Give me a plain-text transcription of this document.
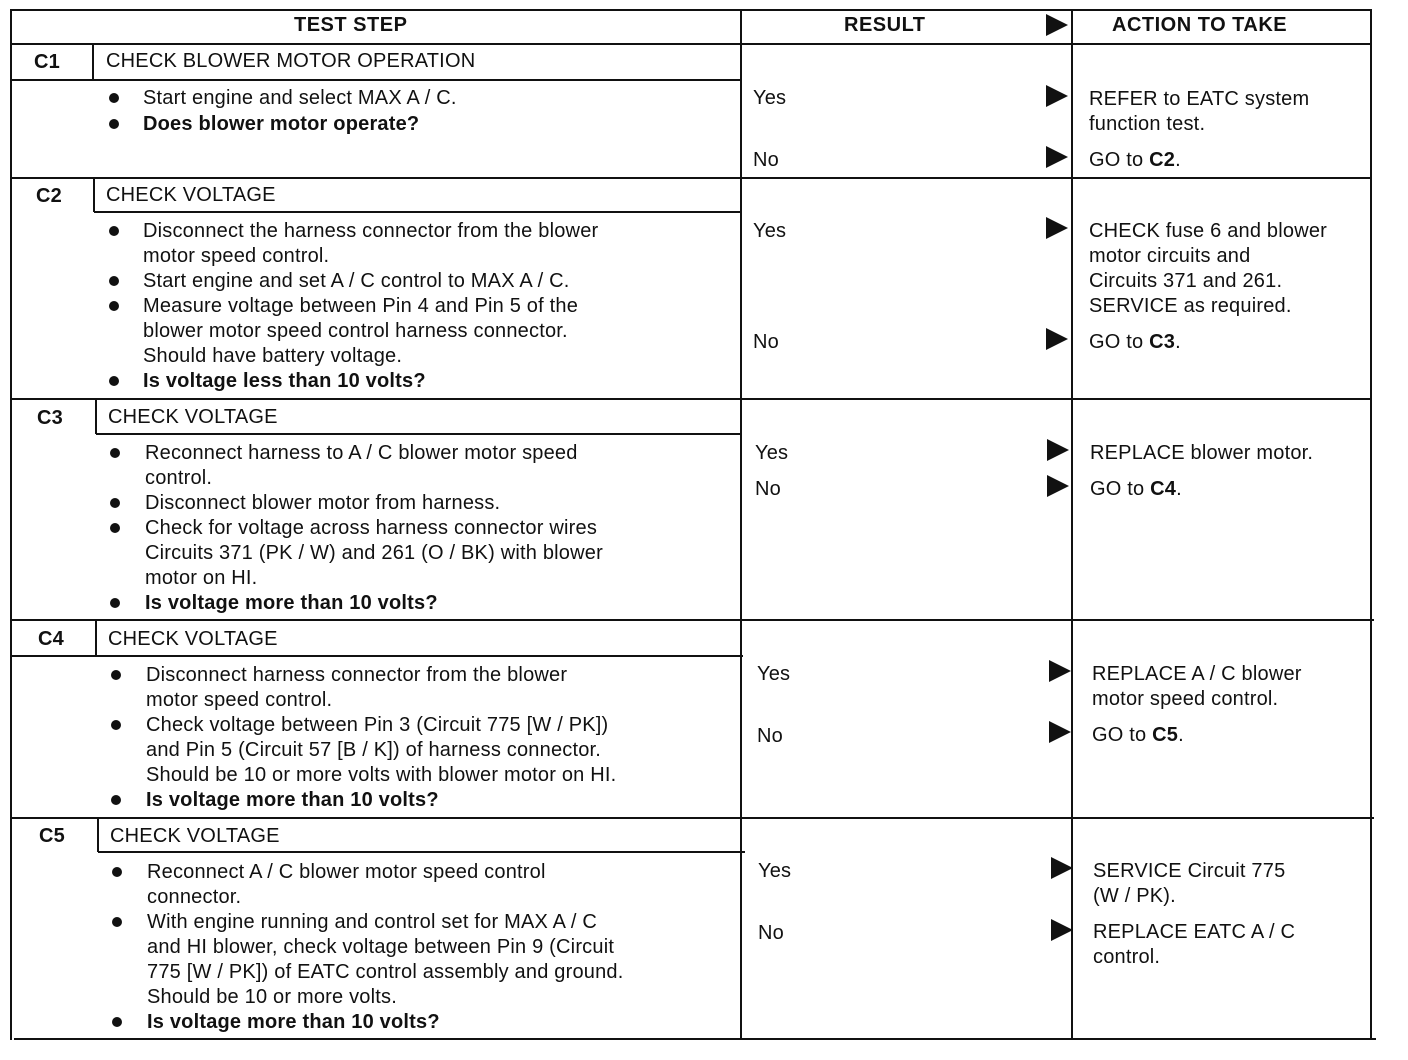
TEST STEP	RESULT	ACTION TO TAKE
C1 CHECK BLOWER MOTOR OPERATION
Start engine and select MAX A / C.
Does blower motor operate?
Yes	REFER to EATC system
function test.
No	GO to C2.
C2 CHECK VOLTAGE
Disconnect the harness connector from the blower
motor speed control.
Start engine and set A / C control to MAX A / C.
Measure voltage between Pin 4 and Pin 5 of the
blower motor speed control harness connector.
Should have battery voltage.
Is voltage less than 10 volts?
Yes	CHECK fuse 6 and blower
motor circuits and
Circuits 371 and 261.
SERVICE as required.
No	GO to C3.
C3 CHECK VOLTAGE
Reconnect harness to A / C blower motor speed
control.
Disconnect blower motor from harness.
Check for voltage across harness connector wires
Circuits 371 (PK / W) and 261 (O / BK) with blower
motor on HI.
Is voltage more than 10 volts?
Yes	REPLACE blower motor.
No	GO to C4.
C4 CHECK VOLTAGE
Disconnect harness connector from the blower
motor speed control.
Check voltage between Pin 3 (Circuit 775 [W / PK])
and Pin 5 (Circuit 57 [B / K]) of harness connector.
Should be 10 or more volts with blower motor on HI.
Is voltage more than 10 volts?
Yes	REPLACE A / C blower
motor speed control.
No	GO to C5.
C5 CHECK VOLTAGE
Reconnect A / C blower motor speed control
connector.
With engine running and control set for MAX A / C
and HI blower, check voltage between Pin 9 (Circuit
775 [W / PK]) of EATC control assembly and ground.
Should be 10 or more volts.
Is voltage more than 10 volts?
Yes	SERVICE Circuit 775
(W / PK).
No	REPLACE EATC A / C
control.
